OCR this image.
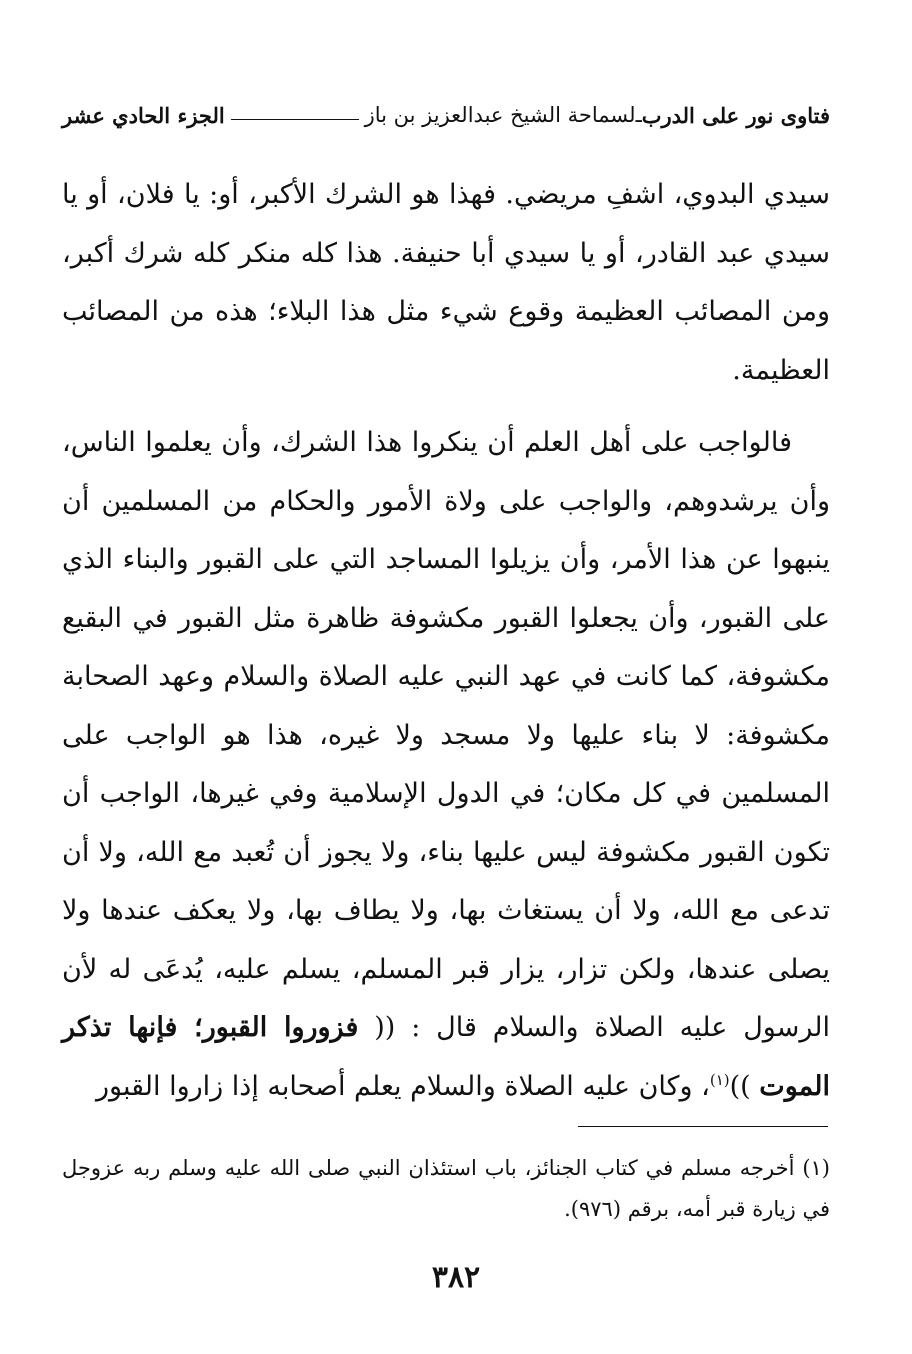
فتاوى نور على الدرب
ـ
لسماحة الشيخ عبدالعزيز بن باز
الجزء الحادي عشر

سيدي البدوي، اشفِ مريضي. فهذا هو الشرك الأكبر، أو: يا فلان، أو يا سيدي عبد القادر، أو يا سيدي أبا حنيفة. هذا كله منكر كله شرك أكبر، ومن المصائب العظيمة وقوع شيء مثل هذا البلاء؛ هذه من المصائب العظيمة.

فالواجب على أهل العلم أن ينكروا هذا الشرك، وأن يعلموا الناس، وأن يرشدوهم، والواجب على ولاة الأمور والحكام من المسلمين أن ينبهوا عن هذا الأمر، وأن يزيلوا المساجد التي على القبور والبناء الذي على القبور، وأن يجعلوا القبور مكشوفة ظاهرة مثل القبور في البقيع مكشوفة، كما كانت في عهد النبي عليه الصلاة والسلام وعهد الصحابة مكشوفة: لا بناء عليها ولا مسجد ولا غيره، هذا هو الواجب على المسلمين في كل مكان؛ في الدول الإسلامية وفي غيرها، الواجب أن تكون القبور مكشوفة ليس عليها بناء، ولا يجوز أن تُعبد مع الله، ولا أن تدعى مع الله، ولا أن يستغاث بها، ولا يطاف بها، ولا يعكف عندها ولا يصلى عندها، ولكن تزار، يزار قبر المسلم، يسلم عليه، يُدعَى له لأن الرسول عليه الصلاة والسلام قال : (( فزوروا القبور؛ فإنها تذكر الموت ))$^{(١)}$، وكان عليه الصلاة والسلام يعلم أصحابه إذا زاروا القبور

(١) أخرجه مسلم في كتاب الجنائز، باب استئذان النبي صلى الله عليه وسلم ربه عزوجل في زيارة قبر أمه، برقم (٩٧٦).

٣٨٢
